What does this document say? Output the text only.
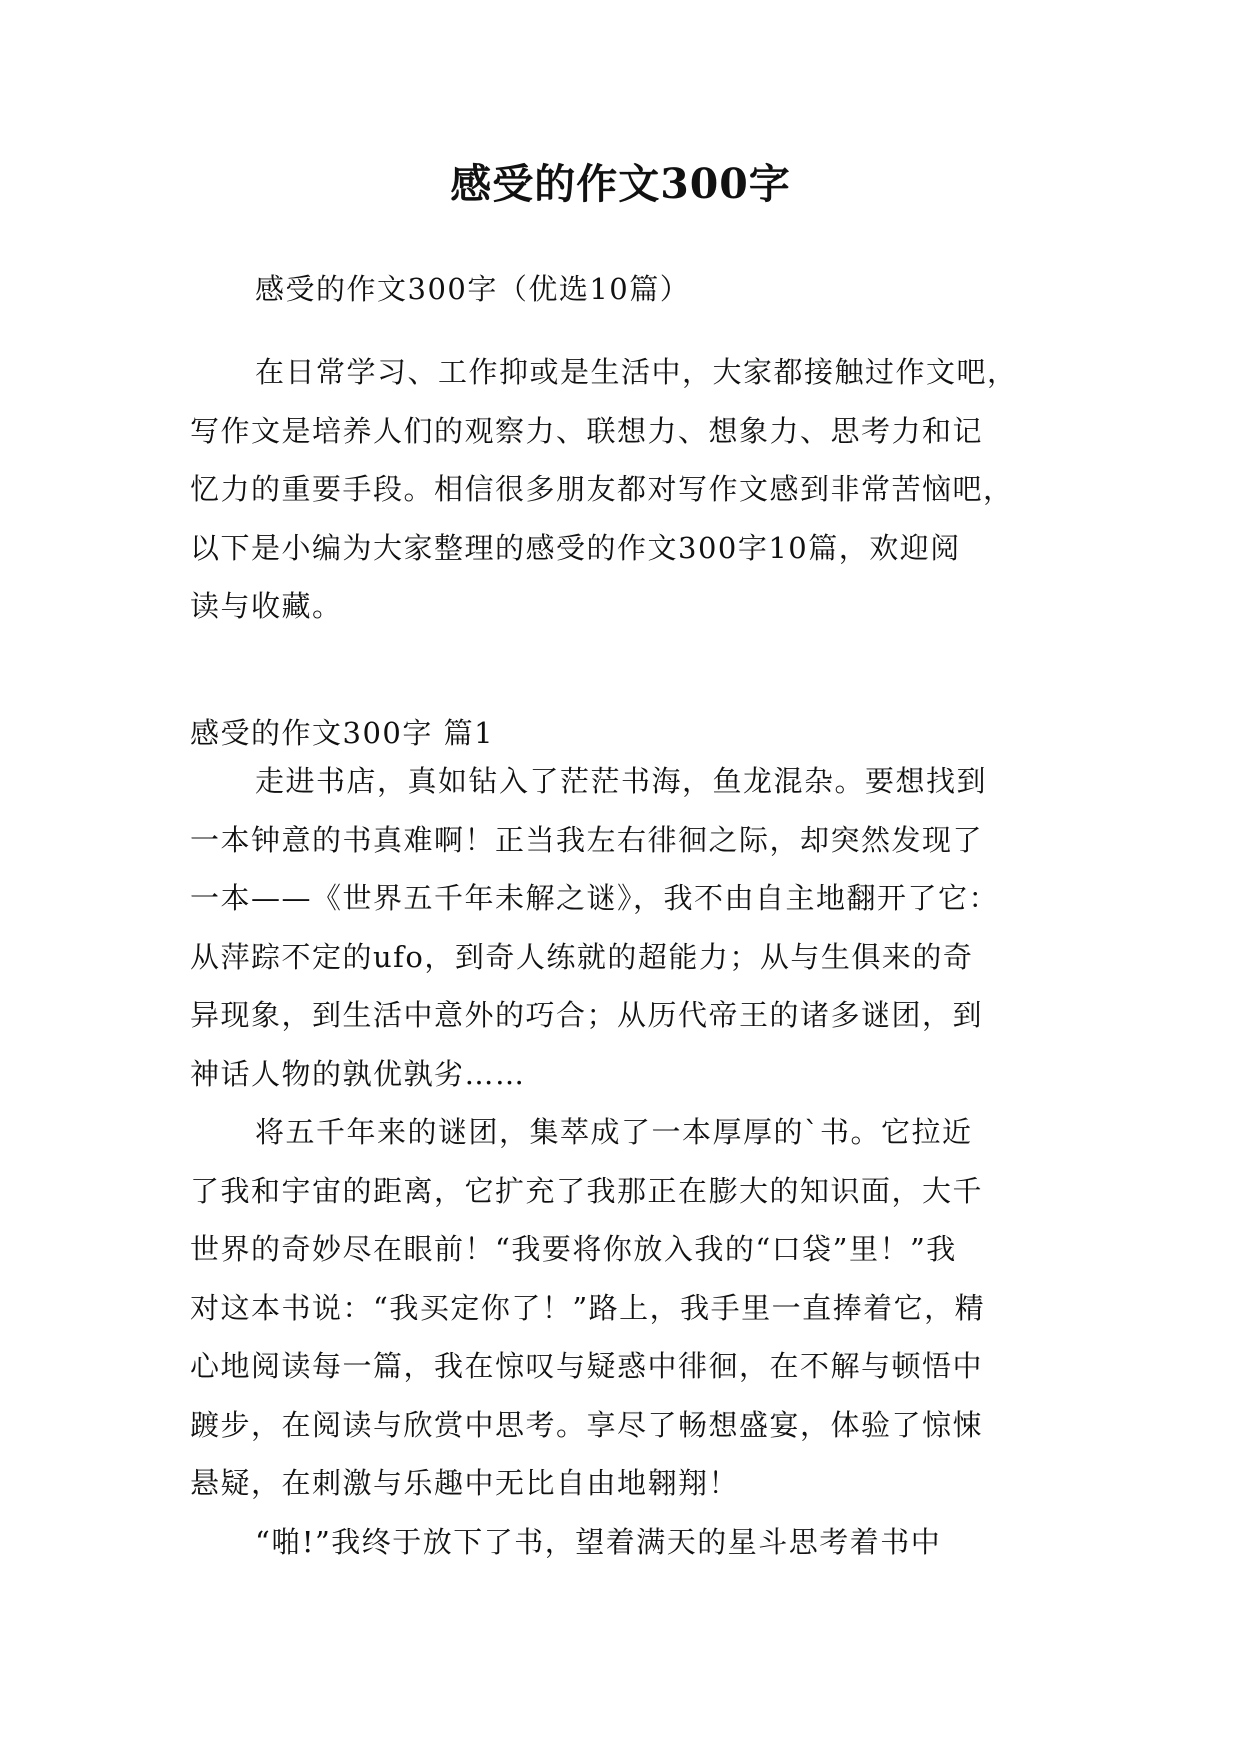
感受的作文300字
感受的作文300字（优选10篇）
在日常学习、工作抑或是生活中，大家都接触过作文吧，
写作文是培养人们的观察力、联想力、想象力、思考力和记
忆力的重要手段。相信很多朋友都对写作文感到非常苦恼吧，
以下是小编为大家整理的感受的作文300字10篇，欢迎阅
读与收藏。
感受的作文300字 篇1
走进书店，真如钻入了茫茫书海，鱼龙混杂。要想找到
一本钟意的书真难啊！正当我左右徘徊之际，却突然发现了
一本——《世界五千年未解之谜》，我不由自主地翻开了它：
从萍踪不定的ufo，到奇人练就的超能力；从与生俱来的奇
异现象，到生活中意外的巧合；从历代帝王的诸多谜团，到
神话人物的孰优孰劣……
将五千年来的谜团，集萃成了一本厚厚的`书。它拉近
了我和宇宙的距离，它扩充了我那正在膨大的知识面，大千
世界的奇妙尽在眼前！“我要将你放入我的“口袋”里！”我
对这本书说：“我买定你了！”路上，我手里一直捧着它，精
心地阅读每一篇，我在惊叹与疑惑中徘徊，在不解与顿悟中
踱步，在阅读与欣赏中思考。享尽了畅想盛宴，体验了惊悚
悬疑，在刺激与乐趣中无比自由地翱翔！
“啪!”我终于放下了书，望着满天的星斗思考着书中
